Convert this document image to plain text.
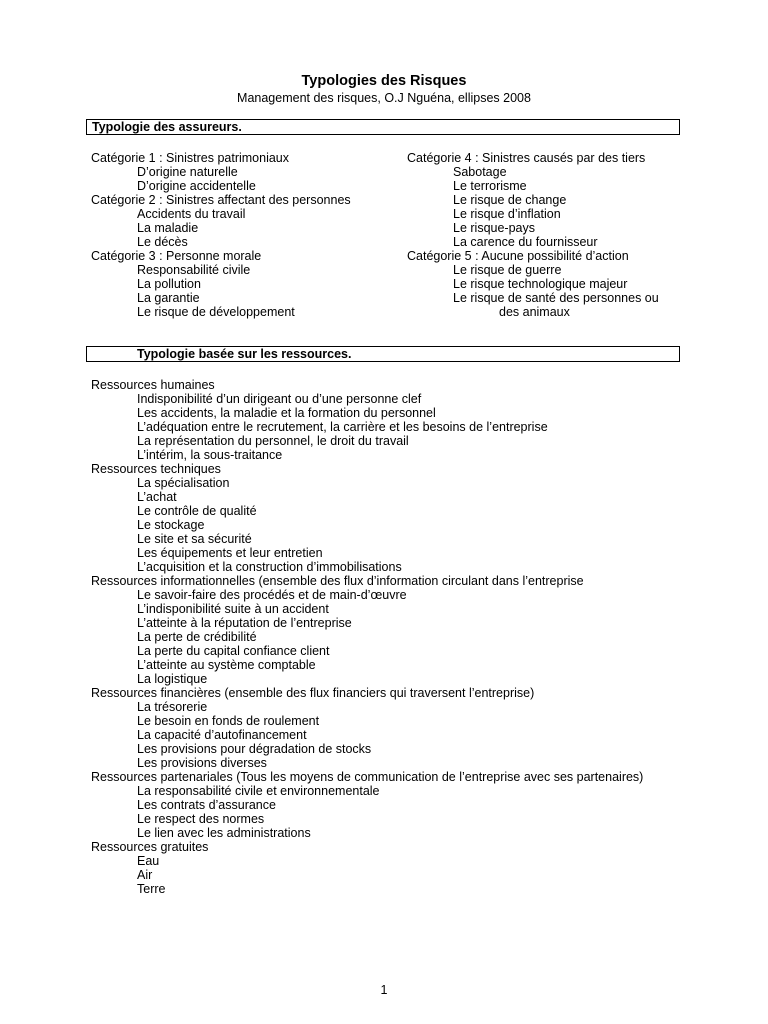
Typologies des Risques
Management des risques, O.J Nguéna, ellipses 2008
Typologie des assureurs.
Catégorie 1 : Sinistres patrimoniaux
D’origine naturelle
D’origine accidentelle
Catégorie 2 : Sinistres affectant des personnes
Accidents du travail
La maladie
Le décès
Catégorie 3 : Personne morale
Responsabilité civile
La pollution
La garantie
Le risque de développement
Catégorie 4 : Sinistres causés par des tiers
Sabotage
Le terrorisme
Le risque de change
Le risque d’inflation
Le risque-pays
La carence du fournisseur
Catégorie 5 : Aucune possibilité d’action
Le risque de guerre
Le risque technologique majeur
Le risque de santé des personnes ou
des animaux
Typologie basée sur les ressources.
Ressources humaines
Indisponibilité d’un dirigeant ou d’une personne clef
Les accidents, la maladie et la formation du personnel
L’adéquation entre le recrutement, la carrière et les besoins de l’entreprise
La représentation du personnel, le droit du travail
L’intérim, la sous-traitance
Ressources techniques
La spécialisation
L’achat
Le contrôle de qualité
Le stockage
Le site et sa sécurité
Les équipements et leur entretien
L’acquisition et la construction d’immobilisations
Ressources informationnelles (ensemble des flux d’information circulant dans l’entreprise
Le savoir-faire des procédés et de main-d’œuvre
L’indisponibilité suite à un accident
L’atteinte à la réputation de l’entreprise
La perte de crédibilité
La perte du capital confiance client
L’atteinte au système comptable
La logistique
Ressources financières (ensemble des flux financiers qui traversent l’entreprise)
La trésorerie
Le besoin en fonds de roulement
La capacité d’autofinancement
Les provisions pour dégradation de stocks
Les provisions diverses
Ressources partenariales (Tous les moyens de communication de l’entreprise avec ses partenaires)
La responsabilité civile et environnementale
Les contrats d’assurance
Le respect des normes
Le lien avec les administrations
Ressources gratuites
Eau
Air
Terre
1
